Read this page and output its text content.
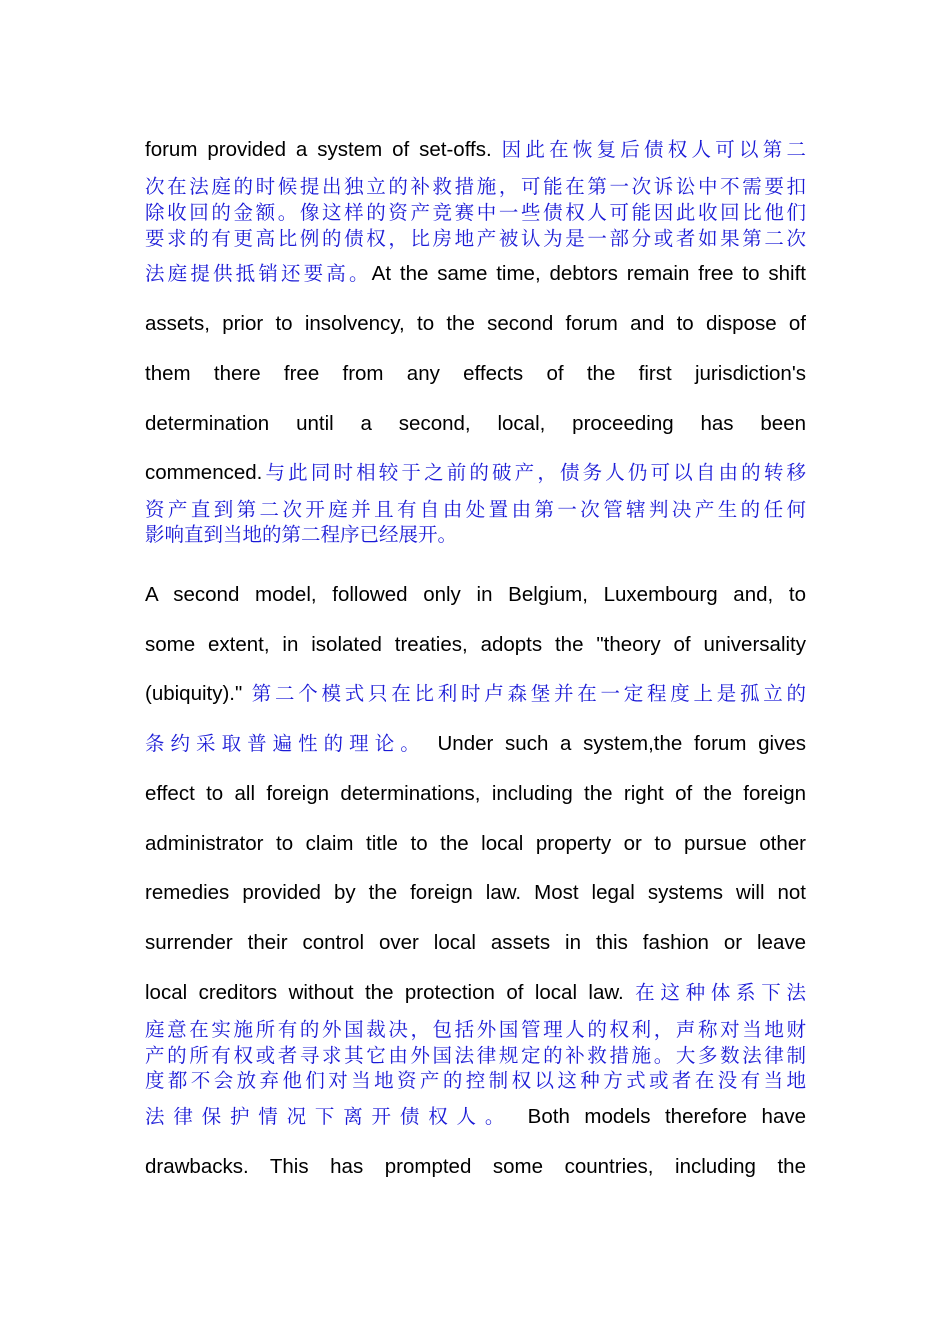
forum provided a system of set-offs. 因此在恢复后债权人可以第二

次在法庭的时候提出独立的补救措施，可能在第一次诉讼中不需要扣

除收回的金额。像这样的资产竞赛中一些债权人可能因此收回比他们

要求的有更高比例的债权，比房地产被认为是一部分或者如果第二次

法庭提供抵销还要高。At the same time, debtors remain free to shift

assets, prior to insolvency, to the second forum and to dispose of

them there free from any effects of the first jurisdiction's

determination until a second, local, proceeding has been

commenced.与此同时相较于之前的破产，债务人仍可以自由的转移

资产直到第二次开庭并且有自由处置由第一次管辖判决产生的任何

影响直到当地的第二程序已经展开。

A second model, followed only in Belgium, Luxembourg and, to

some extent, in isolated treaties, adopts the "theory of universality

(ubiquity)." 第二个模式只在比利时卢森堡并在一定程度上是孤立的

条约采取普遍性的理论。 Under such a system,the forum gives

effect to all foreign determinations, including the right of the foreign

administrator to claim title to the local property or to pursue other

remedies provided by the foreign law. Most legal systems will not

surrender their control over local assets in this fashion or leave

local creditors without the protection of local law. 在这种体系下法

庭意在实施所有的外国裁决，包括外国管理人的权利，声称对当地财

产的所有权或者寻求其它由外国法律规定的补救措施。大多数法律制

度都不会放弃他们对当地资产的控制权以这种方式或者在没有当地

法律保护情况下离开债权人。 Both models therefore have

drawbacks. This has prompted some countries, including the
